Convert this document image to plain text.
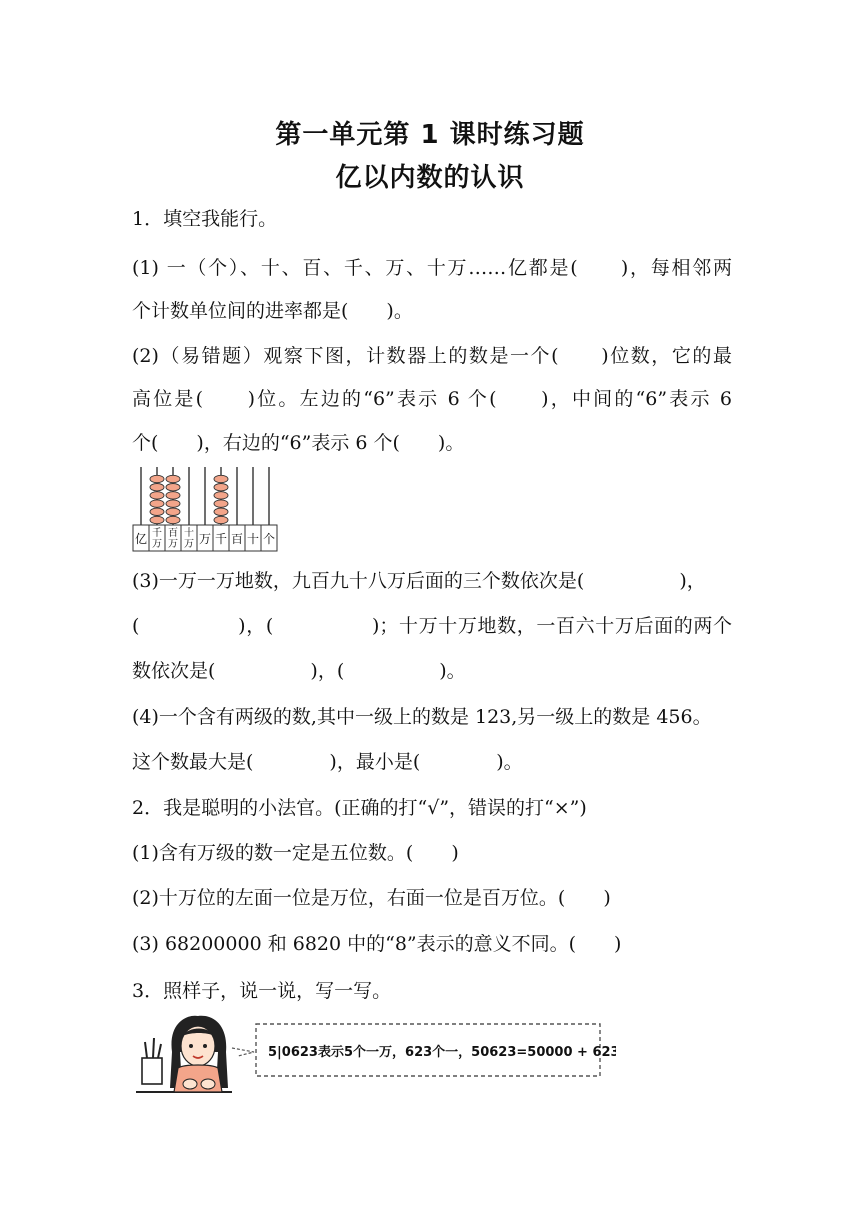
第一单元第 1 课时练习题
亿以内数的认识
1．填空我能行。
(1) 一（个）、十、百、千、万、十万……亿都是(　　)，每相邻两
个计数单位间的进率都是(　　)。
(2)（易错题）观察下图，计数器上的数是一个(　　)位数，它的最
高位是(　　)位。左边的“6”表示 6 个(　　)，中间的“6”表示 6
个(　　)，右边的“6”表示 6 个(　　)。
亿 千
万
百
万
十
万 万 千 百 十 个
(3)一万一万地数，九百九十八万后面的三个数依次是(　　　　　)，
(　　　　　)，(　　　　　)；十万十万地数，一百六十万后面的两个
数依次是(　　　　　)，(　　　　　)。
(4)一个含有两级的数,其中一级上的数是 123,另一级上的数是 456。
这个数最大是(　　　　)，最小是(　　　　)。
2．我是聪明的小法官。(正确的打“√”，错误的打“×”)
(1)含有万级的数一定是五位数。(　　)
(2)十万位的左面一位是万位，右面一位是百万位。(　　)
(3) 68200000 和 6820 中的“8”表示的意义不同。(　　)
3．照样子，说一说，写一写。
5|0623表示5个一万，623个一，50623=50000 + 623。
